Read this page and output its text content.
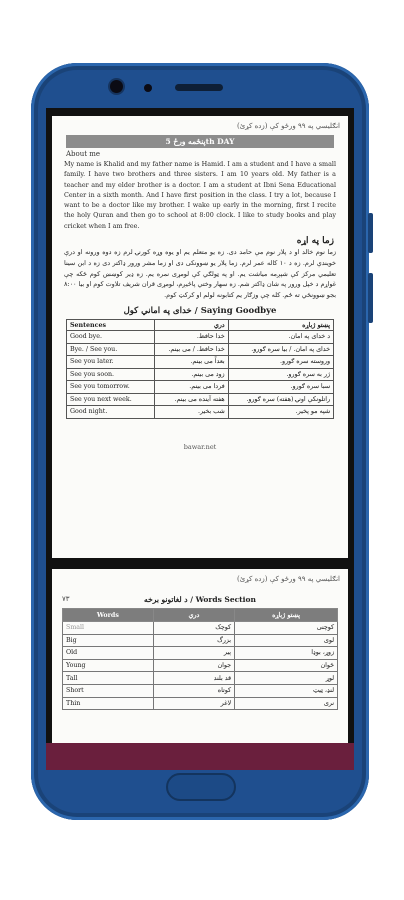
انګلیسي په ۹۹ ورځو کې (زده کړئ)
پنځمه ورځ 5th DAY
About me
My name is Khalid and my father name is Hamid. I am a student and I have a small family. I have two brothers and three sisters. I am 10 years old. My father is a teacher and my elder brother is a doctor. I am a student at Ibni Sena Educational Center in a sixth month. And I have first position in the class. I try a lot, because I want to be a doctor like my brother. I wake up early in the morning, first I recite the holy Quran and then go to school at 8:00 clock. I like to study books and play cricket when I am free.
زما په اړه
زما نوم خالد او د پلار نوم مې حامد دی. زه یو متعلم یم او یوه وړه کورنۍ لرم زه دوه ورونه او درې خویندې لرم. زه د ۱۰ کاله عمر لرم. زما پلار یو ښوونکی دی او زما مشر ورور ډاکتر دی زه د ابن سینا تعلیمي مرکز کې شپږمه میاشت یم. او په ټولګي کې لومړی نمره یم. زه ډیر کوښښ کوم ځکه چې غواړم د خپل ورور په شان ډاکتر شم. زه سهار وختي پاڅیږم، لومړی قران شریف تلاوت کوم او بیا ۸:۰۰ بجو ښوونځي ته ځم. کله چې وزګار یم کتابونه لولم او کرکټ کوم.
خدای په اماني کول / Saying Goodbye
Sentences	دري	پښتو ژباړه
Good bye.	خدا حافظ.	د خدای په امان.
Bye. / See you.	خدا حافظ. / می بینم.	خدای په امان. / بیا سره ګورو.
See you later.	بعداً می بینم.	وروسته سره ګورو.
See you soon.	زود می بینم.	ژر به سره ګورو.
See you tomorrow.	فردا می بینم.	سبا سره ګورو.
See you next week.	هفته آینده می بینم.	راتلونکې اونۍ (هفته) سره ګورو.
Good night.	شب بخیر.	شپه مو پخیر.
bawar.net
انګلیسي په ۹۹ ورځو کې (زده کړئ)
۷۳	د لغاتونو برخه / Words Section
Words	دري	پښتو ژباړه
Small	کوچک	کوچنی
Big	بزرگ	لوی
Old	پیر	زوړ، بوډا
Young	جوان	ځوان
Tall	قد بلند	لوړ
Short	کوتاه	لنډ، ټیټ
Thin	لاغر	نری
